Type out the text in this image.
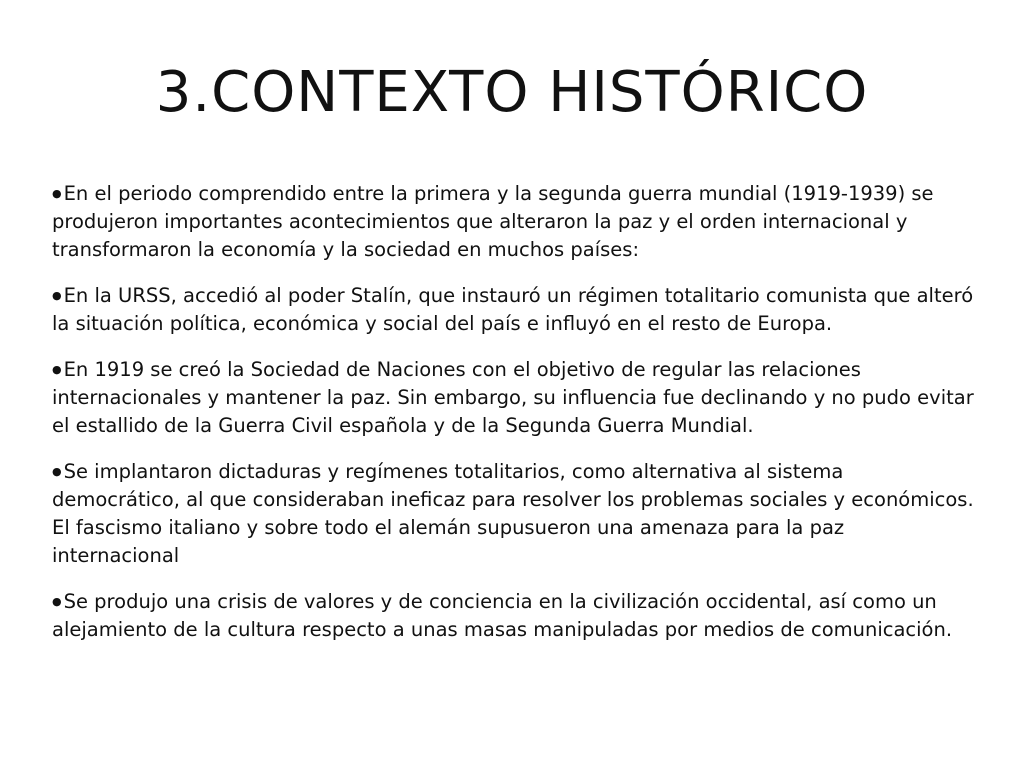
3.CONTEXTO HISTÓRICO
● En el periodo comprendido entre la primera y la segunda guerra mundial (1919-1939) se produjeron importantes acontecimientos que alteraron la paz y el orden internacional y transformaron la economía y la sociedad en muchos países:
● En la URSS, accedió al poder Stalín, que instauró un régimen totalitario comunista que alteró la situación política, económica y social del país e influyó en el resto de Europa.
● En 1919 se creó la Sociedad de Naciones con el objetivo de regular las relaciones internacionales y mantener la paz. Sin embargo, su influencia fue declinando y no pudo evitar el estallido de la Guerra Civil española y de la Segunda Guerra Mundial.
● Se implantaron dictaduras y regímenes totalitarios, como alternativa al sistema democrático, al que consideraban ineficaz para resolver los problemas sociales y económicos. El fascismo italiano y sobre todo el alemán supusueron una amenaza para la paz internacional
● Se produjo una crisis de valores y de conciencia en la civilización occidental, así como un alejamiento de la cultura respecto a unas masas manipuladas por medios de comunicación.
